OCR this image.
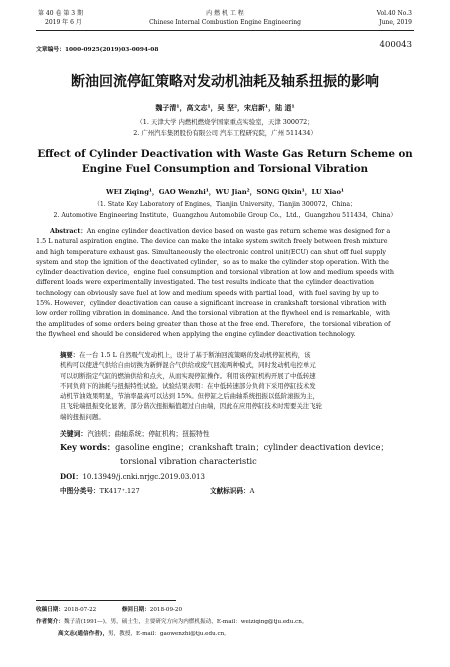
第 40 卷 第 3 期
2019 年 6 月
内 燃 机 工 程
Chinese Internal Combustion Engine Engineering
Vol.40 No.3
June, 2019
文章编号：1000-0925(2019)03-0094-08	400043
断油回流停缸策略对发动机油耗及轴系扭振的影响
魏子清¹，高文志¹，吴 坚²，宋启新¹，陆 逍¹
（1. 天津大学 内燃机燃烧学国家重点实验室，天津 300072；
2. 广州汽车集团股份有限公司 汽车工程研究院，广州 511434）
Effect of Cylinder Deactivation with Waste Gas Return Scheme on
Engine Fuel Consumption and Torsional Vibration
WEI Ziqing¹，GAO Wenzhi¹，WU Jian²，SONG Qixin¹，LU Xiao¹
（1. State Key Laboratory of Engines，Tianjin University，Tianjin 300072，China；
2. Automotive Engineering Institute，Guangzhou Automobile Group Co.，Ltd.，Guangzhou 511434，China）
Abstract：An engine cylinder deactivation device based on waste gas return scheme was designed for a
1.5 L natural aspiration engine. The device can make the intake system switch freely between fresh mixture
and high temperature exhaust gas. Simultaneously the electronic control unit(ECU) can shut off fuel supply
system and stop the ignition of the deactivated cylinder，so as to make the cylinder stop operation. With the
cylinder deactivation device，engine fuel consumption and torsional vibration at low and medium speeds with
different loads were experimentally investigated. The test results indicate that the cylinder deactivation
technology can obviously save fuel at low and medium speeds with partial load，with fuel saving by up to
15%. However，cylinder deactivation can cause a significant increase in crankshaft torsional vibration with
low order rolling vibration in dominance. And the torsional vibration at the flywheel end is remarkable，with
the amplitudes of some orders being greater than those at the free end. Therefore，the torsional vibration of
the flywheel end should be considered when applying the engine cylinder deactivation technology.
摘要：在一台 1.5 L 自然吸气发动机上，设计了基于断油回流策略的发动机停缸机构，该
机构可以使进气供给自由切换为新鲜混合气供给或废气回流两种模式，同时发动机电控单元
可以切断指定气缸的燃油供给和点火，从而实现停缸操作。利用该停缸机构开展了中低转速
不同负荷下的油耗与扭振特性试验。试验结果表明：在中低转速部分负荷下采用停缸技术发
动机节油效果明显，节油率最高可以达到 15%。但停缸之后曲轴系统扭振以低阶滚振为主，
且飞轮端扭振变化显著，部分谐次扭振幅值超过自由端，因此在应用停缸技术时需要关注飞轮
端的扭振问题。
关键词：汽油机；曲轴系统；停缸机构；扭振特性
Key words：gasoline engine；crankshaft train；cylinder deactivation device；
torsional vibration characteristic
DOI：10.13949/j.cnki.nrjgc.2019.03.013
中图分类号：TK417⁺.127	文献标识码：A
收稿日期：2018-07-22	修回日期：2018-09-20
作者简介：魏子清(1991—)，男，硕士生，主要研究方向为内燃机振动，E-mail：weiziqing@tju.edu.cn。
高文志(通信作者)，男，教授，E-mail：gaowenzhi@tju.edu.cn。
